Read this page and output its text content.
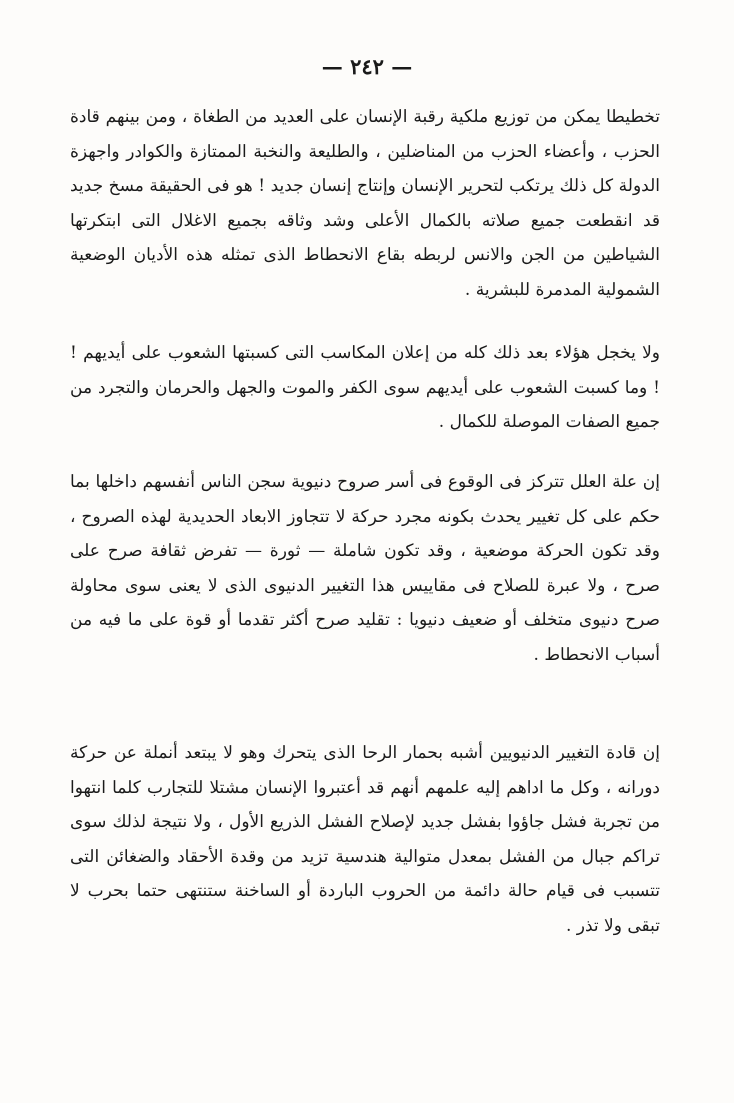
— ٢٤٢ —

تخطيطا يمكن من توزيع ملكية رقبة الإنسان على العديد من الطغاة ، ومن بينهم قادة الحزب ، وأعضاء الحزب من المناضلين ، والطليعة والنخبة الممتازة والكوادر واجهزة الدولة كل ذلك يرتكب لتحرير الإنسان وإنتاج إنسان جديد ! هو فى الحقيقة مسخ جديد قد انقطعت جميع صلاته بالكمال الأعلى وشد وثاقه بجميع الاغلال التى ابتكرتها الشياطين من الجن والانس لربطه بقاع الانحطاط الذى تمثله هذه الأديان الوضعية الشمولية المدمرة للبشرية .

ولا يخجل هؤلاء بعد ذلك كله من إعلان المكاسب التى كسبتها الشعوب على أيديهم ! ! وما كسبت الشعوب على أيديهم سوى الكفر والموت والجهل والحرمان والتجرد من جميع الصفات الموصلة للكمال .

إن علة العلل تتركز فى الوقوع فى أسر صروح دنيوية سجن الناس أنفسهم داخلها بما حكم على كل تغيير يحدث بكونه مجرد حركة لا تتجاوز الابعاد الحديدية لهذه الصروح ، وقد تكون الحركة موضعية ، وقد تكون شاملة — ثورة — تفرض ثقافة صرح على صرح ، ولا عبرة للصلاح فى مقاييس هذا التغيير الدنيوى الذى لا يعنى سوى محاولة صرح دنيوى متخلف أو ضعيف دنيويا : تقليد صرح أكثر تقدما أو قوة على ما فيه من أسباب الانحطاط .

إن قادة التغيير الدنيويين أشبه بحمار الرحا الذى يتحرك وهو لا يبتعد أنملة عن حركة دورانه ، وكل ما اداهم إليه علمهم أنهم قد أعتبروا الإنسان مشتلا للتجارب كلما انتهوا من تجربة فشل جاؤوا بفشل جديد لإصلاح الفشل الذريع الأول ، ولا نتيجة لذلك سوى تراكم جبال من الفشل بمعدل متوالية هندسية تزيد من وقدة الأحقاد والضغائن التى تتسبب فى قيام حالة دائمة من الحروب الباردة أو الساخنة ستنتهى حتما بحرب لا تبقى ولا تذر .
